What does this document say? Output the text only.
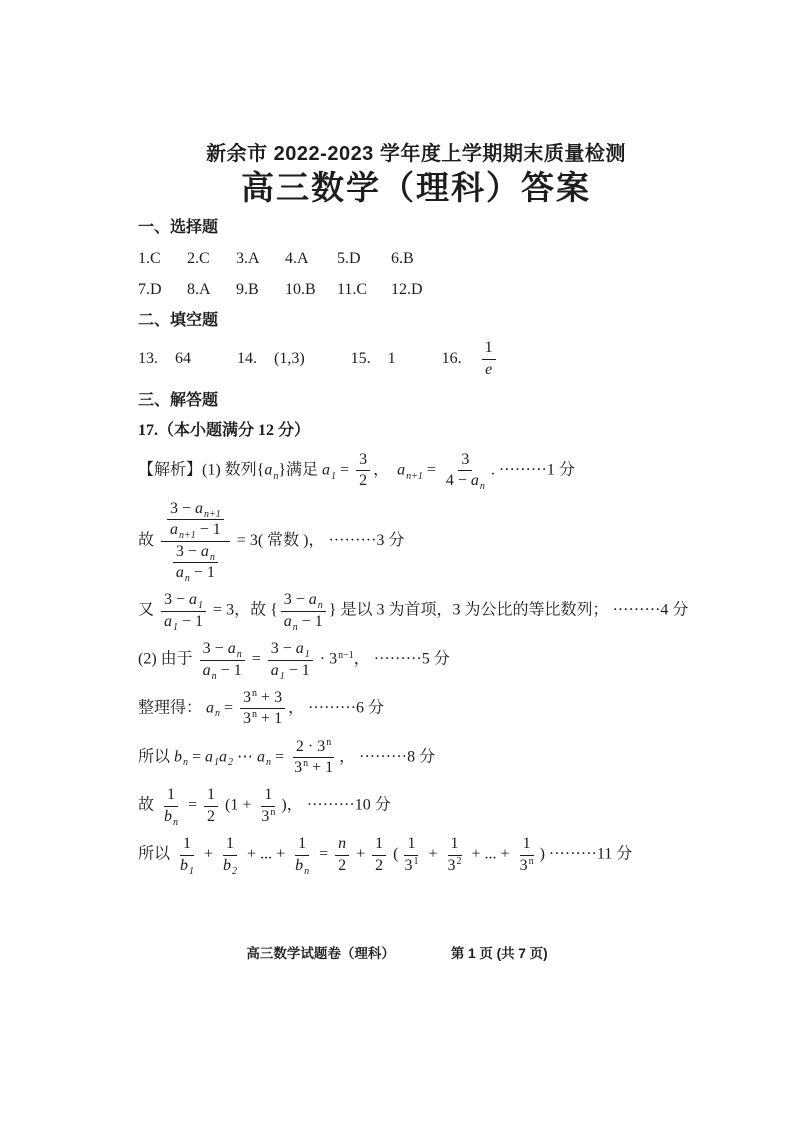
新余市 2022-2023 学年度上学期期末质量检测
高三数学（理科）答案
一、选择题
1.C	2.C	3.A	4.A	5.D	6.B
7.D	8.A	9.B	10.B	11.C	12.D
二、填空题
13. 64	14. (1,3)	15. 1	16. $\frac{1}{e}$
三、解答题
17.（本小题满分 12 分）
【解析】(1) 数列$\{a_n\}$满足 $a_1 = \frac{3}{2}$ ，  $a_{n+1} = \frac{3}{4 - a_n}$ . ·········1 分
故 $\frac{\frac{3 - a_{n+1}}{a_{n+1} - 1}}{\frac{3 - a_n}{a_n - 1}} = 3$( 常数 )， ·········3 分
又 $\frac{3 - a_1}{a_1 - 1} = 3$，故 { $\frac{3 - a_n}{a_n - 1}$ } 是以 3 为首项，3 为公比的等比数列； ·········4 分
(2) 由于 $\frac{3 - a_n}{a_n - 1} = \frac{3 - a_1}{a_1 - 1} \cdot 3^{n-1}$， ·········5 分
整理得： $a_n = \frac{3^n + 3}{3^n + 1}$ ， ·········6 分
所以 $b_n = a_1a_2$ ⋯ $a_n = \frac{2 \cdot 3^n}{3^n + 1}$ ， ·········8 分
故 $\frac{1}{b_n} = \frac{1}{2} (1 + \frac{1}{3^n}$ )， ·········10 分
所以 $\frac{1}{b_1} + \frac{1}{b_2}$ + ... + $\frac{1}{b_n} = \frac{n}{2} + \frac{1}{2}$ ( $\frac{1}{3^1} + \frac{1}{3^2}$ + ... + $\frac{1}{3^n}$ ) ·········11 分
高三数学试题卷（理科）	第 1 页 (共 7 页)
